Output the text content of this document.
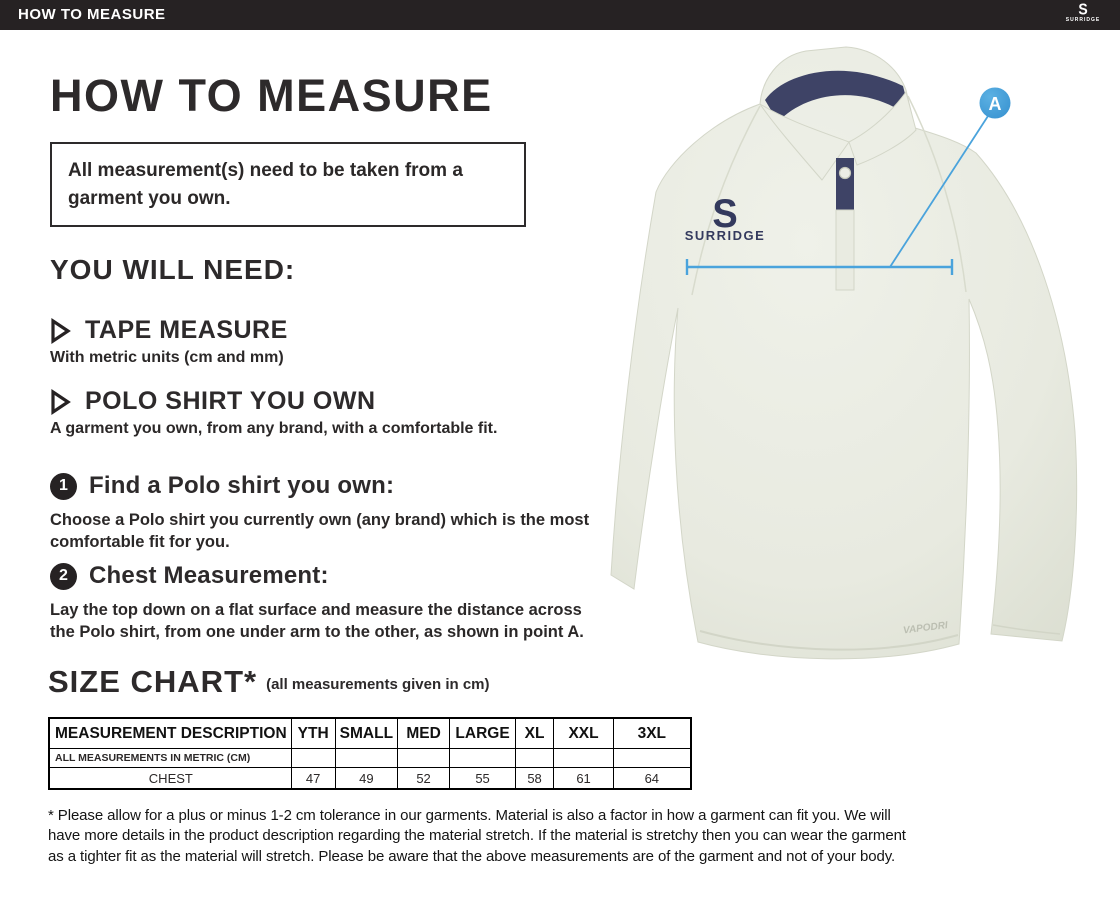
HOW TO MEASURE	S
SURRIDGE
HOW TO MEASURE
All measurement(s) need to be taken from a garment you own.
YOU WILL NEED:
TAPE MEASURE
With metric units (cm and mm)
POLO SHIRT YOU OWN
A garment you own, from any brand, with a comfortable fit.
1 Find a Polo shirt you own:
Choose a Polo shirt you currently own (any brand) which is the most comfortable fit for you.
2 Chest Measurement:
Lay the top down on a flat surface and measure the distance across the Polo shirt, from one under arm to the other, as shown in point A.
SIZE CHART* $^{(all measurements given in cm)}$
MEASUREMENT DESCRIPTION	YTH	SMALL	MED	LARGE	XL	XXL	3XL
ALL MEASUREMENTS IN METRIC (CM)							
CHEST	47	49	52	55	58	61	64
* Please allow for a plus or minus 1-2 cm tolerance in our garments. Material is also a factor in how a garment can fit you. We will have more details in the product description regarding the material stretch. If the material is stretchy then you can wear the garment as a tighter fit as the material will stretch. Please be aware that the above measurements are of the garment and not of your body.
S
SURRIDGE
VAPODRI
A
